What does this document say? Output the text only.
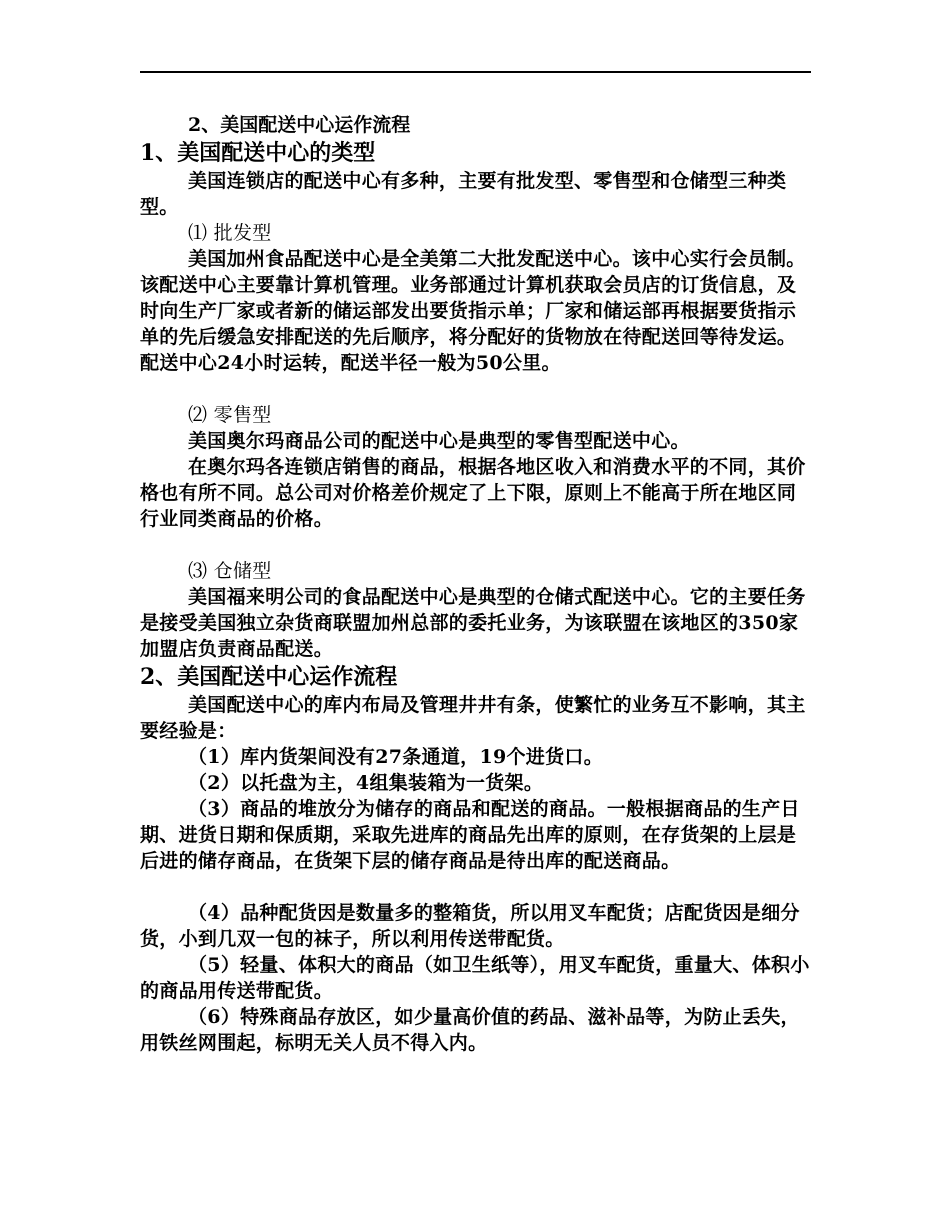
2、美国配送中心运作流程

1、美国配送中心的类型

美国连锁店的配送中心有多种，主要有批发型、零售型和仓储型三种类型。

⑴ 批发型

美国加州食品配送中心是全美第二大批发配送中心。该中心实行会员制。该配送中心主要靠计算机管理。业务部通过计算机获取会员店的订货信息，及时向生产厂家或者新的储运部发出要货指示单；厂家和储运部再根据要货指示单的先后缓急安排配送的先后顺序，将分配好的货物放在待配送回等待发运。配送中心24小时运转，配送半径一般为50公里。

⑵ 零售型

美国奥尔玛商品公司的配送中心是典型的零售型配送中心。

在奥尔玛各连锁店销售的商品，根据各地区收入和消费水平的不同，其价格也有所不同。总公司对价格差价规定了上下限，原则上不能高于所在地区同行业同类商品的价格。

⑶ 仓储型

美国福来明公司的食品配送中心是典型的仓储式配送中心。它的主要任务是接受美国独立杂货商联盟加州总部的委托业务，为该联盟在该地区的350家加盟店负责商品配送。

2、美国配送中心运作流程

美国配送中心的库内布局及管理井井有条，使繁忙的业务互不影响，其主要经验是：

（1）库内货架间没有27条通道，19个进货口。

（2）以托盘为主，4组集装箱为一货架。

（3）商品的堆放分为储存的商品和配送的商品。一般根据商品的生产日期、进货日期和保质期，采取先进库的商品先出库的原则，在存货架的上层是后进的储存商品，在货架下层的储存商品是待出库的配送商品。

（4）品种配货因是数量多的整箱货，所以用叉车配货；店配货因是细分货，小到几双一包的袜子，所以利用传送带配货。

（5）轻量、体积大的商品（如卫生纸等），用叉车配货，重量大、体积小的商品用传送带配货。

（6）特殊商品存放区，如少量高价值的药品、滋补品等，为防止丢失，用铁丝网围起，标明无关人员不得入内。
